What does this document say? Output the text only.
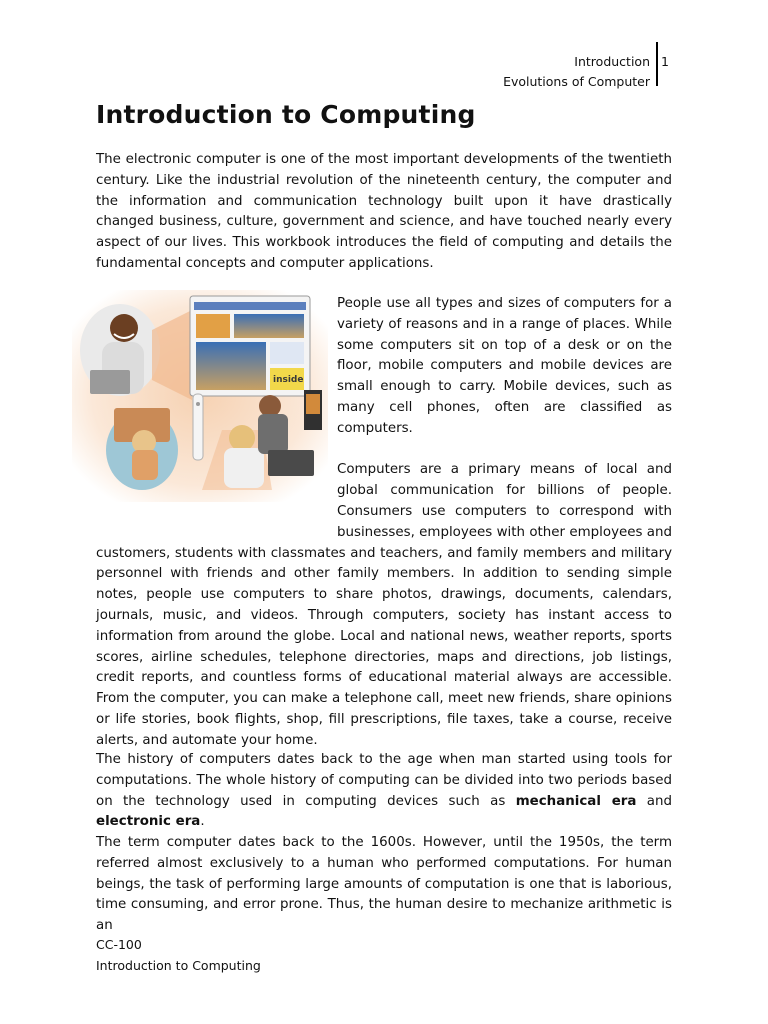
Introduction
Evolutions of Computer
1
Introduction to Computing

The electronic computer is one of the most important developments of the twentieth century. Like the industrial revolution of the nineteenth century, the computer and the information and communication technology built upon it have drastically changed business, culture, government and science, and have touched nearly every aspect of our lives. This workbook introduces the field of computing and details the fundamental concepts and computer applications.

inside

People use all types and sizes of computers for a variety of reasons and in a range of places. While some computers sit on top of a desk or on the floor, mobile computers and mobile devices are small enough to carry. Mobile devices, such as many cell phones, often are classified as computers.

Computers are a primary means of local and global communication for billions of people. Consumers use computers to correspond with businesses, employees with other employees and customers, students with classmates and teachers, and family members and military personnel with friends and other family members. In addition to sending simple notes, people use computers to share photos, drawings, documents, calendars, journals, music, and videos. Through computers, society has instant access to information from around the globe. Local and national news, weather reports, sports scores, airline schedules, telephone directories, maps and directions, job listings, credit reports, and countless forms of educational material always are accessible. From the computer, you can make a telephone call, meet new friends, share opinions or life stories, book flights, shop, fill prescriptions, file taxes, take a course, receive alerts, and automate your home.

The history of computers dates back to the age when man started using tools for computations. The whole history of computing can be divided into two periods based on the technology used in computing devices such as mechanical era and electronic era.

The term computer dates back to the 1600s. However, until the 1950s, the term referred almost exclusively to a human who performed computations. For human beings, the task of performing large amounts of computation is one that is laborious, time consuming, and error prone. Thus, the human desire to mechanize arithmetic is an

CC-100
Introduction to Computing
